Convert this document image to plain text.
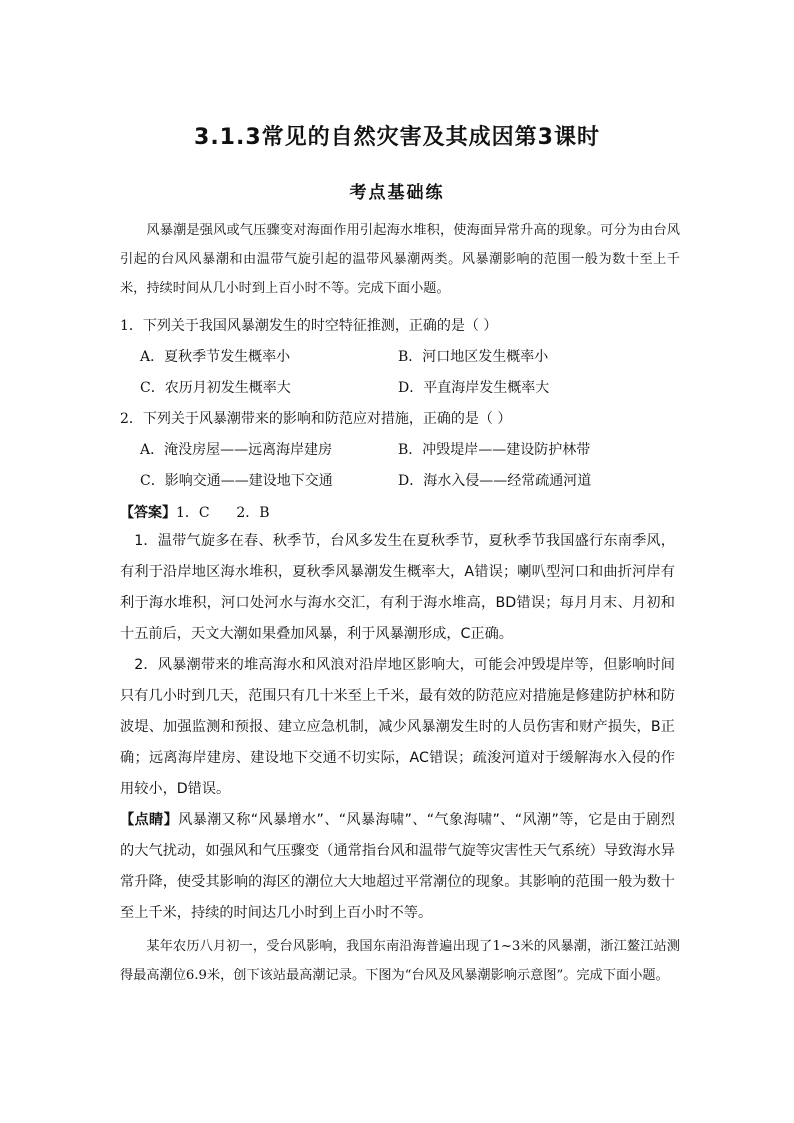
3.1.3常见的自然灾害及其成因第3课时
考点基础练

风暴潮是强风或气压骤变对海面作用引起海水堆积，使海面异常升高的现象。可分为由台风引起的台风风暴潮和由温带气旋引起的温带风暴潮两类。风暴潮影响的范围一般为数十至上千米，持续时间从几小时到上百小时不等。完成下面小题。

1．下列关于我国风暴潮发生的时空特征推测，正确的是（ ）
A．夏秋季节发生概率小	B．河口地区发生概率小
C．农历月初发生概率大	D．平直海岸发生概率大
2．下列关于风暴潮带来的影响和防范应对措施，正确的是（ ）
A．淹没房屋——远离海岸建房	B．冲毁堤岸——建设防护林带
C．影响交通——建设地下交通	D．海水入侵——经常疏通河道
【答案】1．C      2．B

1．温带气旋多在春、秋季节，台风多发生在夏秋季节，夏秋季节我国盛行东南季风，有利于沿岸地区海水堆积，夏秋季风暴潮发生概率大，A错误；喇叭型河口和曲折河岸有利于海水堆积，河口处河水与海水交汇，有利于海水堆高，BD错误；每月月末、月初和十五前后，天文大潮如果叠加风暴，利于风暴潮形成，C正确。

2．风暴潮带来的堆高海水和风浪对沿岸地区影响大，可能会冲毁堤岸等，但影响时间只有几小时到几天，范围只有几十米至上千米，最有效的防范应对措施是修建防护林和防波堤、加强监测和预报、建立应急机制，减少风暴潮发生时的人员伤害和财产损失，B正确；远离海岸建房、建设地下交通不切实际，AC错误；疏浚河道对于缓解海水入侵的作用较小，D错误。

【点睛】风暴潮又称“风暴增水”、“风暴海啸”、“气象海啸”、“风潮”等，它是由于剧烈的大气扰动，如强风和气压骤变（通常指台风和温带气旋等灾害性天气系统）导致海水异常升降，使受其影响的海区的潮位大大地超过平常潮位的现象。其影响的范围一般为数十至上千米，持续的时间达几小时到上百小时不等。

某年农历八月初一，受台风影响，我国东南沿海普遍出现了1~3米的风暴潮，浙江鳌江站测得最高潮位6.9米，创下该站最高潮记录。下图为“台风及风暴潮影响示意图”。完成下面小题。
